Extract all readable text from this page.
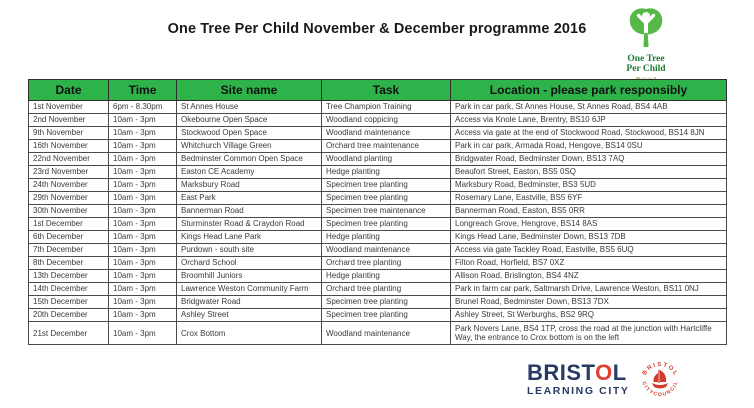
One Tree Per Child November & December programme 2016
One Tree
Per Child
Date	Time	Site name	Task	Location - please park responsibly
1st November	6pm - 8.30pm	St Annes House	Tree Champion Training	Park in car park, St Annes House, St Annes Road, BS4 4AB
2nd November	10am - 3pm	Okebourne Open Space	Woodland coppicing	Access via Knole Lane, Brentry, BS10 6JP
9th November	10am - 3pm	Stockwood Open Space	Woodland maintenance	Access via gate at the end of Stockwood Road, Stockwood, BS14 8JN
16th November	10am - 3pm	Whitchurch Village Green	Orchard tree maintenance	Park in car park, Armada Road, Hengove, BS14 0SU
22nd November	10am - 3pm	Bedminster Common Open Space	Woodland planting	Bridgwater Road, Bedminster Down, BS13 7AQ
23rd November	10am - 3pm	Easton CE Academy	Hedge planting	Beaufort Street, Easton, BS5 0SQ
24th November	10am - 3pm	Marksbury Road	Specimen tree planting	Marksbury Road, Bedminster, BS3 5UD
29th November	10am - 3pm	East Park	Specimen tree planting	Rosemary Lane, Eastville, BS5 6YF
30th November	10am - 3pm	Bannerman Road	Specimen tree maintenance	Bannerman Road, Easton, BS5 0RR
1st December	10am - 3pm	Sturminster Road & Craydon Road	Specimen tree planting	Longreach Grove, Hengrove, BS14 8AS
6th December	10am - 3pm	Kings Head Lane Park	Hedge planting	Kings Head Lane, Bedminster Down, BS13 7DB
7th December	10am - 3pm	Purdown - south site	Woodland maintenance	Access via gate Tackley Road, Eastville, BS5 6UQ
8th December	10am - 3pm	Orchard School	Orchard tree planting	Filton Road, Horfield, BS7 0XZ
13th December	10am - 3pm	Broomhill Juniors	Hedge planting	Allison Road, Brislington, BS4 4NZ
14th December	10am - 3pm	Lawrence Weston Community Farm	Orchard tree planting	Park in farm car park, Saltmarsh Drive, Lawrence Weston, BS11 0NJ
15th December	10am - 3pm	Bridgwater Road	Specimen tree planting	Brunel Road, Bedminster Down, BS13 7DX
20th December	10am - 3pm	Ashley Street	Specimen tree planting	Ashley Street, St Werburghs, BS2 9RQ
21st December	10am - 3pm	Crox Bottom	Woodland maintenance	Park Novers Lane, BS4 1TP, cross the road at the junction with Hartcliffe Way, the entrance to Crox bottom is on the left
BRISTOL
LEARNING CITY
B R I S T O L
C I T Y C O U N C I L
